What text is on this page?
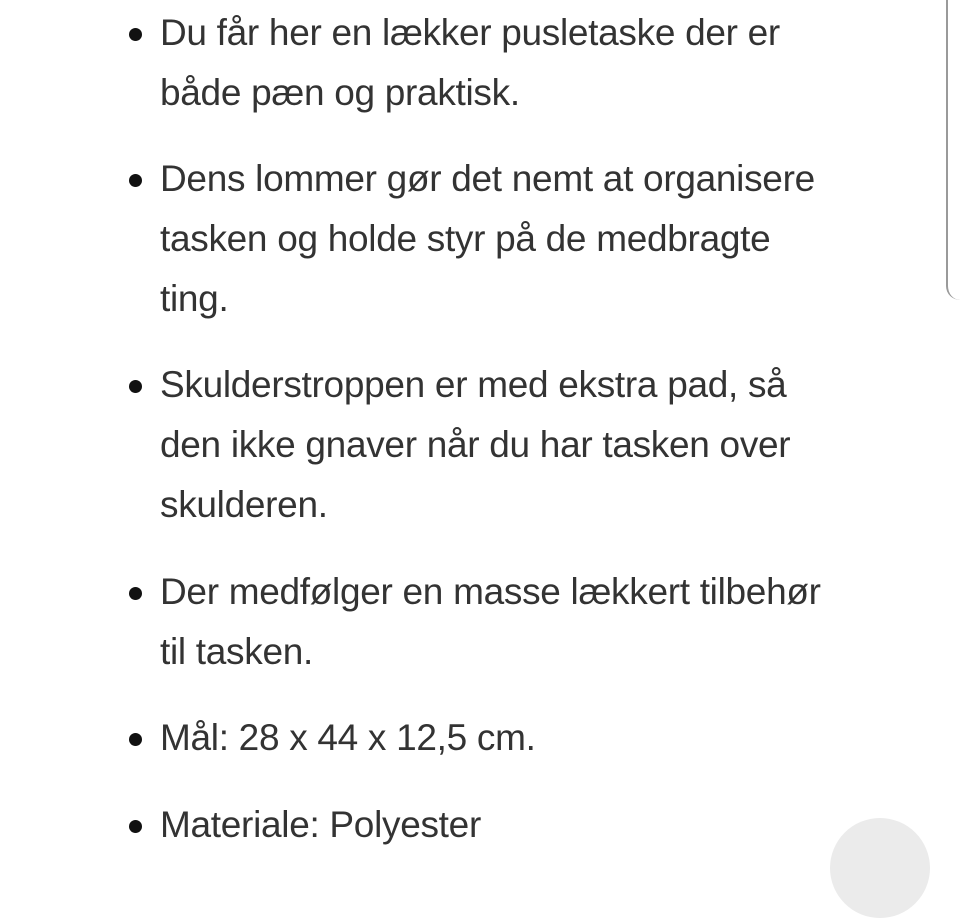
Du får her en lækker pusletaske der er både pæn og praktisk.
Dens lommer gør det nemt at organisere tasken og holde styr på de medbragte ting.
Skulderstroppen er med ekstra pad, så den ikke gnaver når du har tasken over skulderen.
Der medfølger en masse lækkert tilbehør til tasken.
Mål: 28 x 44 x 12,5 cm.
Materiale: Polyester
